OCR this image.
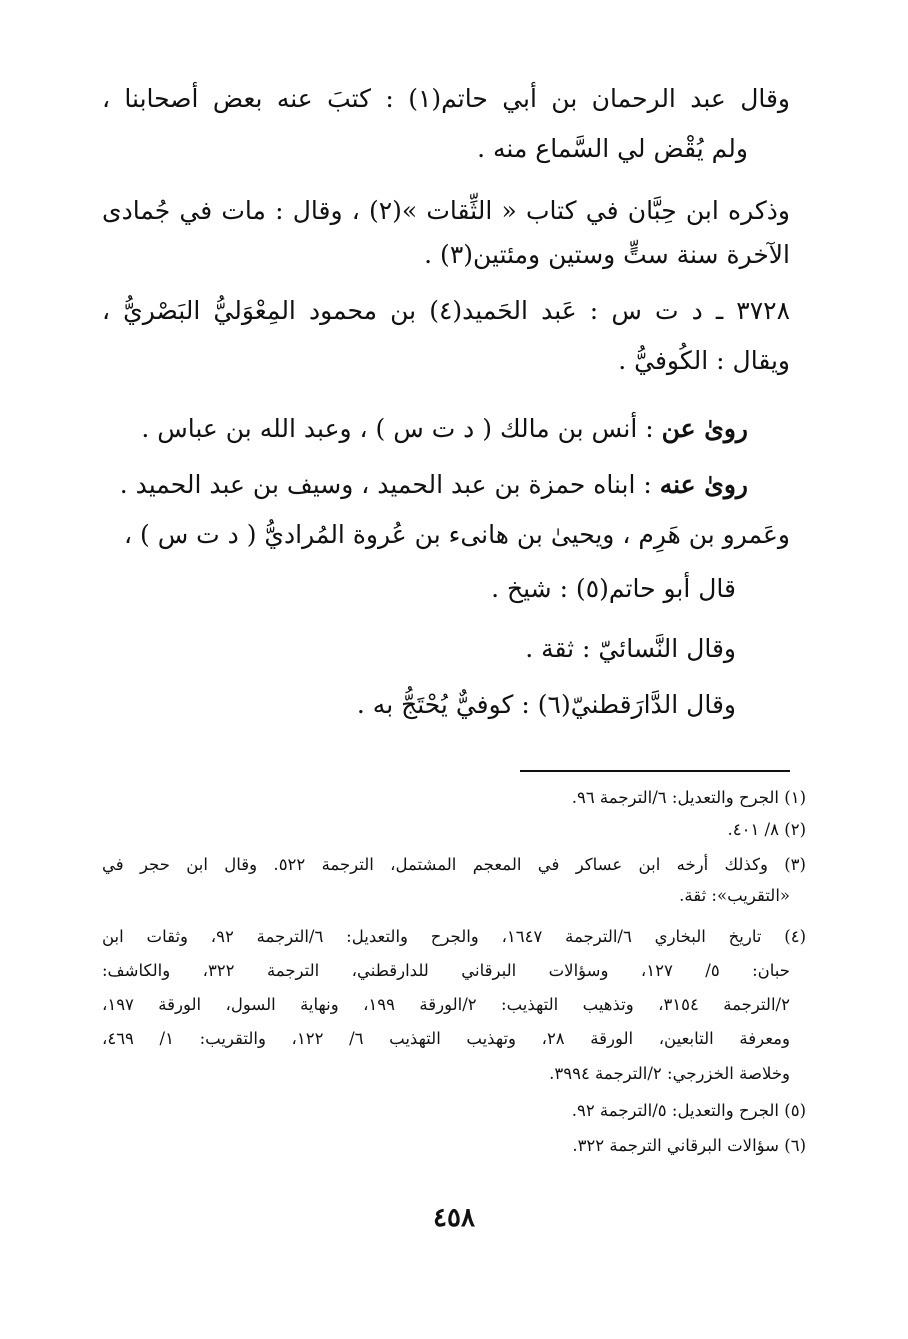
وقال عبد الرحمان بن أبي حاتم(١) : كتبَ عنه بعض أصحابنا ،
ولم يُقْض لي السَّماع منه .
وذكره ابن حِبَّان في كتاب « الثِّقات »(٢) ، وقال : مات في جُمادى
الآخرة سنة ستٍّ وستين ومئتين(٣) .
٣٧٢٨ ـ د ت س : عَبد الحَميد(٤) بن محمود المِعْوَليُّ البَصْريُّ ،
ويقال : الكُوفيُّ .
روىٰ عن : أنس بن مالك ( د ت س ) ، وعبد الله بن عباس .
روىٰ عنه : ابناه حمزة بن عبد الحميد ، وسيف بن عبد الحميد .
وعَمرو بن هَرِم ، ويحيىٰ بن هانىء بن عُروة المُراديُّ ( د ت س ) ،
قال أبو حاتم(٥) : شيخ .
وقال النَّسائيّ : ثقة .
وقال الدَّارَقطنيّ(٦) : كوفيٌّ يُحْتَجُّ به .
(١) الجرح والتعديل: ٦/الترجمة ٩٦.
(٢) ٨/ ٤٠١.
(٣) وكذلك أرخه ابن عساكر في المعجم المشتمل، الترجمة ٥٢٢. وقال ابن حجر في
«التقريب»: ثقة.
(٤) تاريخ البخاري ٦/الترجمة ١٦٤٧، والجرح والتعديل: ٦/الترجمة ٩٢، وثقات ابن
حبان: ٥/ ١٢٧، وسؤالات البرقاني للدارقطني، الترجمة ٣٢٢، والكاشف:
٢/الترجمة ٣١٥٤، وتذهيب التهذيب: ٢/الورقة ١٩٩، ونهاية السول، الورقة ١٩٧،
ومعرفة التابعين، الورقة ٢٨، وتهذيب التهذيب ٦/ ١٢٢، والتقريب: ١/ ٤٦٩،
وخلاصة الخزرجي: ٢/الترجمة ٣٩٩٤.
(٥) الجرح والتعديل: ٥/الترجمة ٩٢.
(٦) سؤالات البرقاني الترجمة ٣٢٢.
٤٥٨
